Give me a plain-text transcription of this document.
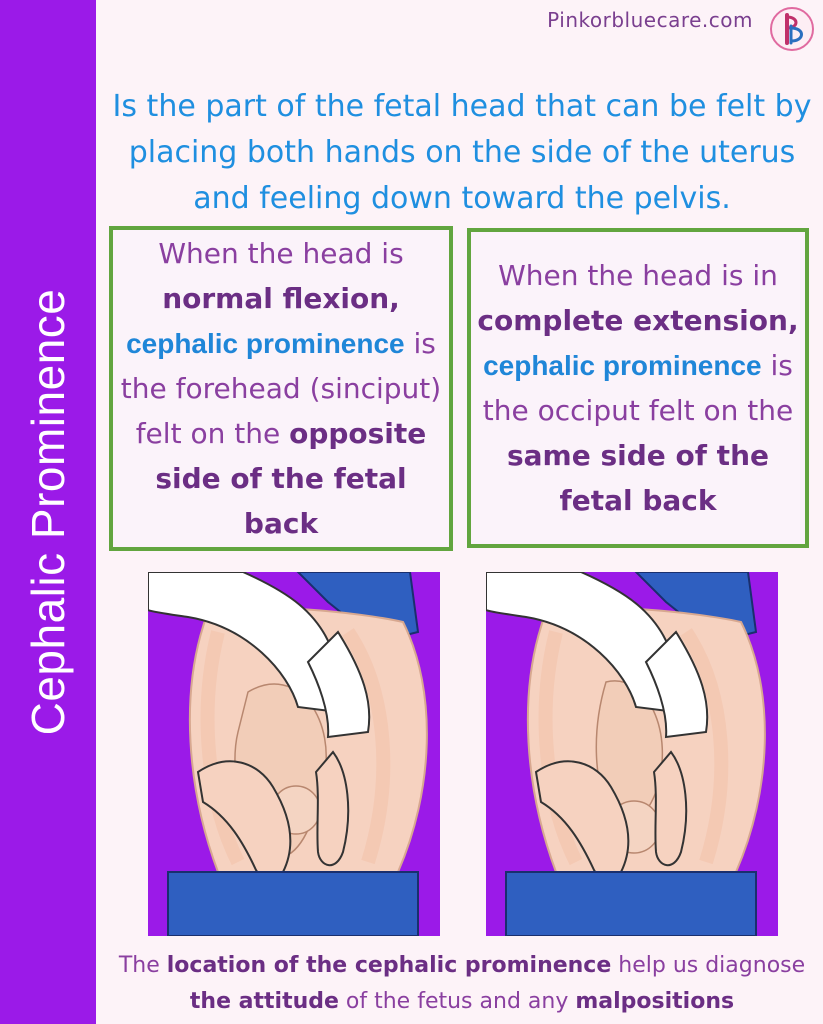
Cephalic Prominence
Pinkorbluecare.com
Is the part of the fetal head that can be felt by placing both hands on the side of the uterus and feeling down toward the pelvis.
When the head is normal flexion, cephalic prominence is the forehead (sinciput) felt on the opposite side of the fetal back
When the head is in complete extension, cephalic prominence is the occiput felt on the same side of the fetal back
The location of the cephalic prominence help us diagnose
the attitude of the fetus and any malpositions
